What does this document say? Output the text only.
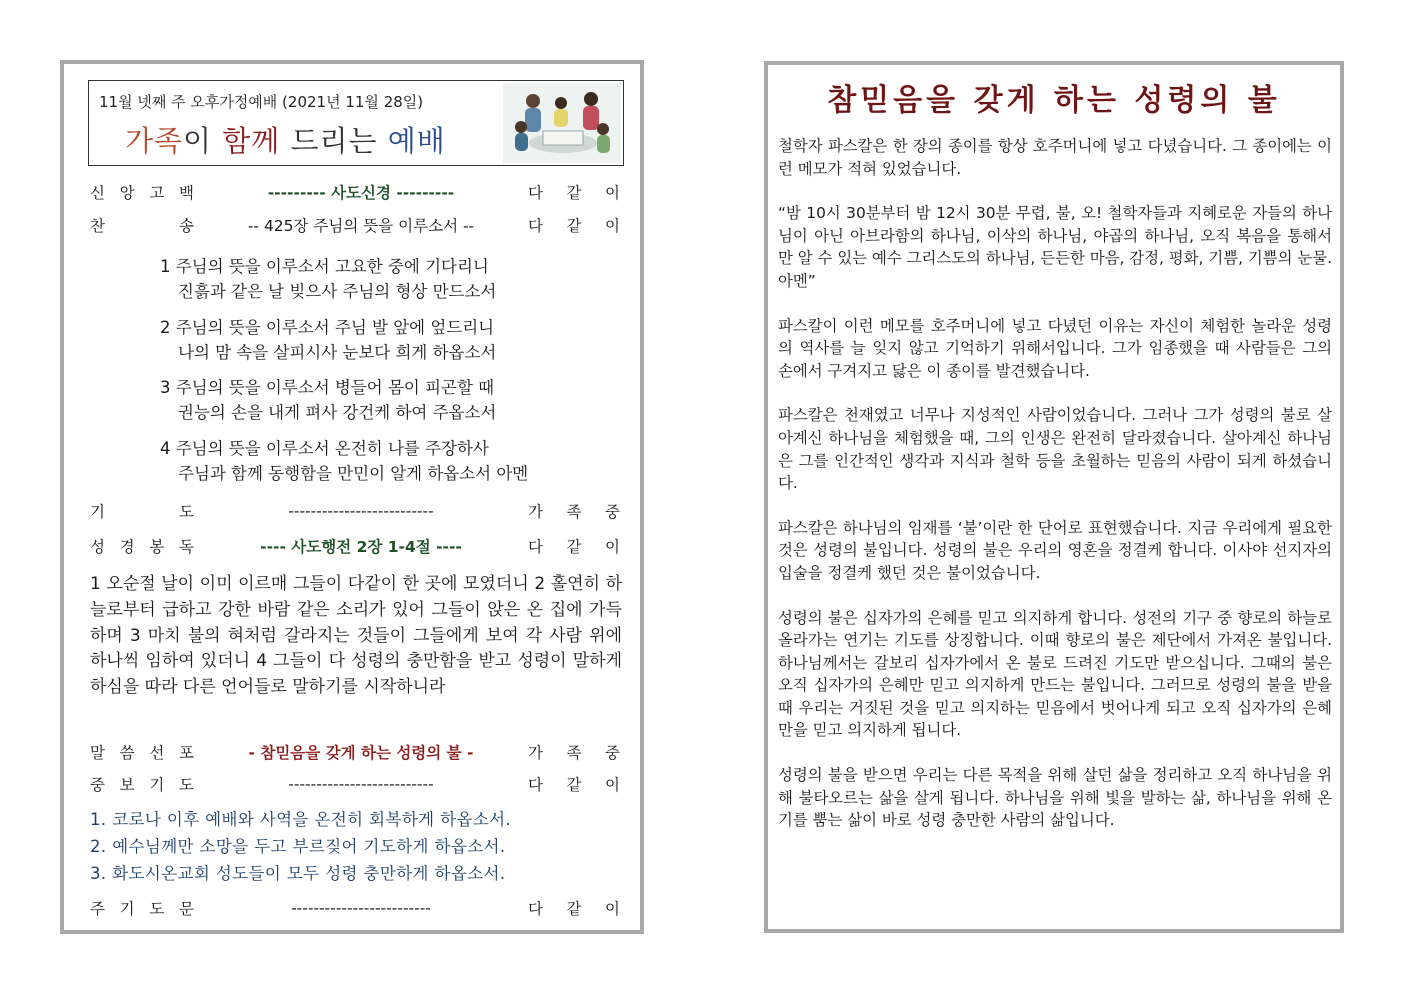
11월 넷째 주 오후가정예배 (2021년 11월 28일)
가족이 함께 드리는 예배
신 앙 고 백	--------- 사도신경 ---------	다 같 이
찬	송	-- 425장 주님의 뜻을 이루소서 --	다 같 이
1 주님의 뜻을 이루소서 고요한 중에 기다리니
진흙과 같은 날 빚으사 주님의 형상 만드소서
2 주님의 뜻을 이루소서 주님 발 앞에 엎드리니
나의 맘 속을 살피시사 눈보다 희게 하옵소서
3 주님의 뜻을 이루소서 병들어 몸이 피곤할 때
권능의 손을 내게 펴사 강건케 하여 주옵소서
4 주님의 뜻을 이루소서 온전히 나를 주장하사
주님과 함께 동행함을 만민이 알게 하옵소서 아멘
기	도	--------------------------	가 족 중
성 경 봉 독	---- 사도행전 2장 1-4절 ----	다 같 이
1 오순절 날이 이미 이르매 그들이 다같이 한 곳에 모였더니 2 홀연히 하늘로부터 급하고 강한 바람 같은 소리가 있어 그들이 앉은 온 집에 가득하며 3 마치 불의 혀처럼 갈라지는 것들이 그들에게 보여 각 사람 위에 하나씩 임하여 있더니 4 그들이 다 성령의 충만함을 받고 성령이 말하게 하심을 따라 다른 언어들로 말하기를 시작하니라
말 씀 선 포	- 참믿음을 갖게 하는 성령의 불 -	가 족 중
중 보 기 도	--------------------------	다 같 이
1. 코로나 이후 예배와 사역을 온전히 회복하게 하옵소서.
2. 예수님께만 소망을 두고 부르짖어 기도하게 하옵소서.
3. 화도시온교회 성도들이 모두 성령 충만하게 하옵소서.
주 기 도 문	-------------------------	다 같 이
참믿음을 갖게 하는 성령의 불

철학자 파스칼은 한 장의 종이를 항상 호주머니에 넣고 다녔습니다. 그 종이에는 이런 메모가 적혀 있었습니다.

“밤 10시 30분부터 밤 12시 30분 무렵, 불, 오! 철학자들과 지혜로운 자들의 하나님이 아닌 아브라함의 하나님, 이삭의 하나님, 야곱의 하나님, 오직 복음을 통해서만 알 수 있는 예수 그리스도의 하나님, 든든한 마음, 감정, 평화, 기쁨, 기쁨의 눈물. 아멘”

파스칼이 이런 메모를 호주머니에 넣고 다녔던 이유는 자신이 체험한 놀라운 성령의 역사를 늘 잊지 않고 기억하기 위해서입니다. 그가 임종했을 때 사람들은 그의 손에서 구겨지고 닳은 이 종이를 발견했습니다.

파스칼은 천재였고 너무나 지성적인 사람이었습니다. 그러나 그가 성령의 불로 살아계신 하나님을 체험했을 때, 그의 인생은 완전히 달라졌습니다. 살아계신 하나님은 그를 인간적인 생각과 지식과 철학 등을 초월하는 믿음의 사람이 되게 하셨습니다.

파스칼은 하나님의 임재를 ‘불’이란 한 단어로 표현했습니다. 지금 우리에게 필요한 것은 성령의 불입니다. 성령의 불은 우리의 영혼을 정결케 합니다. 이사야 선지자의 입술을 정결케 했던 것은 불이었습니다.

성령의 불은 십자가의 은혜를 믿고 의지하게 합니다. 성전의 기구 중 향로의 하늘로 올라가는 연기는 기도를 상징합니다. 이때 향로의 불은 제단에서 가져온 불입니다. 하나님께서는 갈보리 십자가에서 온 불로 드려진 기도만 받으십니다. 그때의 불은 오직 십자가의 은혜만 믿고 의지하게 만드는 불입니다. 그러므로 성령의 불을 받을 때 우리는 거짓된 것을 믿고 의지하는 믿음에서 벗어나게 되고 오직 십자가의 은혜만을 믿고 의지하게 됩니다.

성령의 불을 받으면 우리는 다른 목적을 위해 살던 삶을 정리하고 오직 하나님을 위해 불타오르는 삶을 살게 됩니다. 하나님을 위해 빛을 발하는 삶, 하나님을 위해 온기를 뿜는 삶이 바로 성령 충만한 사람의 삶입니다.
